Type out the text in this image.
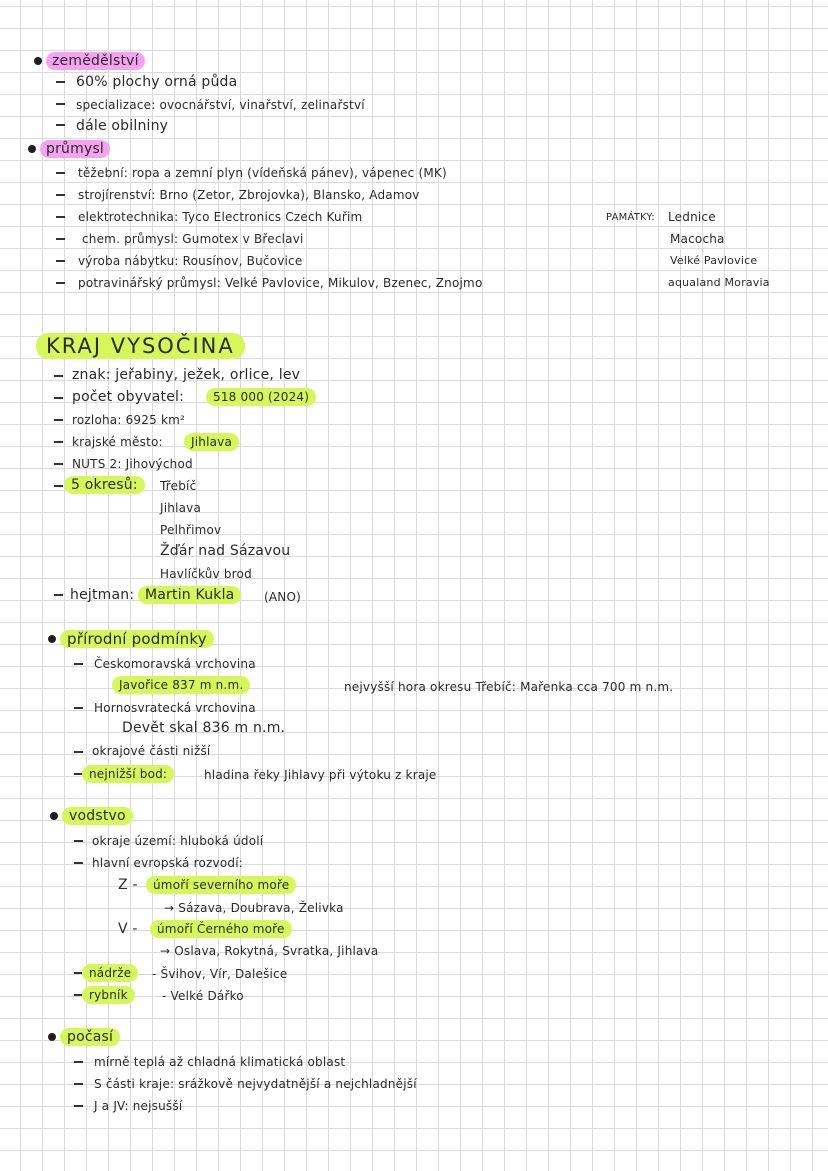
zemědělství
60% plochy orná půda
specializace: ovocnářství, vinařství, zelinařství
dále obilniny
průmysl
těžební: ropa a zemní plyn (vídeňská pánev), vápenec (MK)
strojírenství: Brno (Zetor, Zbrojovka), Blansko, Adamov
elektrotechnika: Tyco Electronics Czech Kuřim
chem. průmysl: Gumotex v Břeclavi
výroba nábytku: Rousínov, Bučovice
potravinářský průmysl: Velké Pavlovice, Mikulov, Bzenec, Znojmo
PAMÁTKY: Lednice
Macocha
Velké Pavlovice
aqualand Moravia
KRAJ VYSOČINA
znak: jeřabiny, ježek, orlice, lev
počet obyvatel:	518 000 (2024)
rozloha: 6925 km²
krajské město:	Jihlava
NUTS 2: Jihovýchod
5 okresů:	Třebíč
Jihlava
Pelhřimov
Žďár nad Sázavou
Havlíčkův brod
hejtman: Martin Kukla	(ANO)
přírodní podmínky
Českomoravská vrchovina
Javořice 837 m n.m.	nejvyšší hora okresu Třebíč: Mařenka cca 700 m n.m.
Hornosvratecká vrchovina
Devět skal 836 m n.m.
okrajové části nižší
nejnižší bod:	hladina řeky Jihlavy při výtoku z kraje
vodstvo
okraje území: hluboká údolí
hlavní evropská rozvodí:
Z -	úmoří severního moře
→ Sázava, Doubrava, Želivka
V -	úmoří Černého moře
→ Oslava, Rokytná, Svratka, Jihlava
nádrže	- Švihov, Vír, Dalešice
rybník	- Velké Dářko
počasí
mírně teplá až chladná klimatická oblast
S části kraje: srážkově nejvydatnější a nejchladnější
J a JV: nejsušší
